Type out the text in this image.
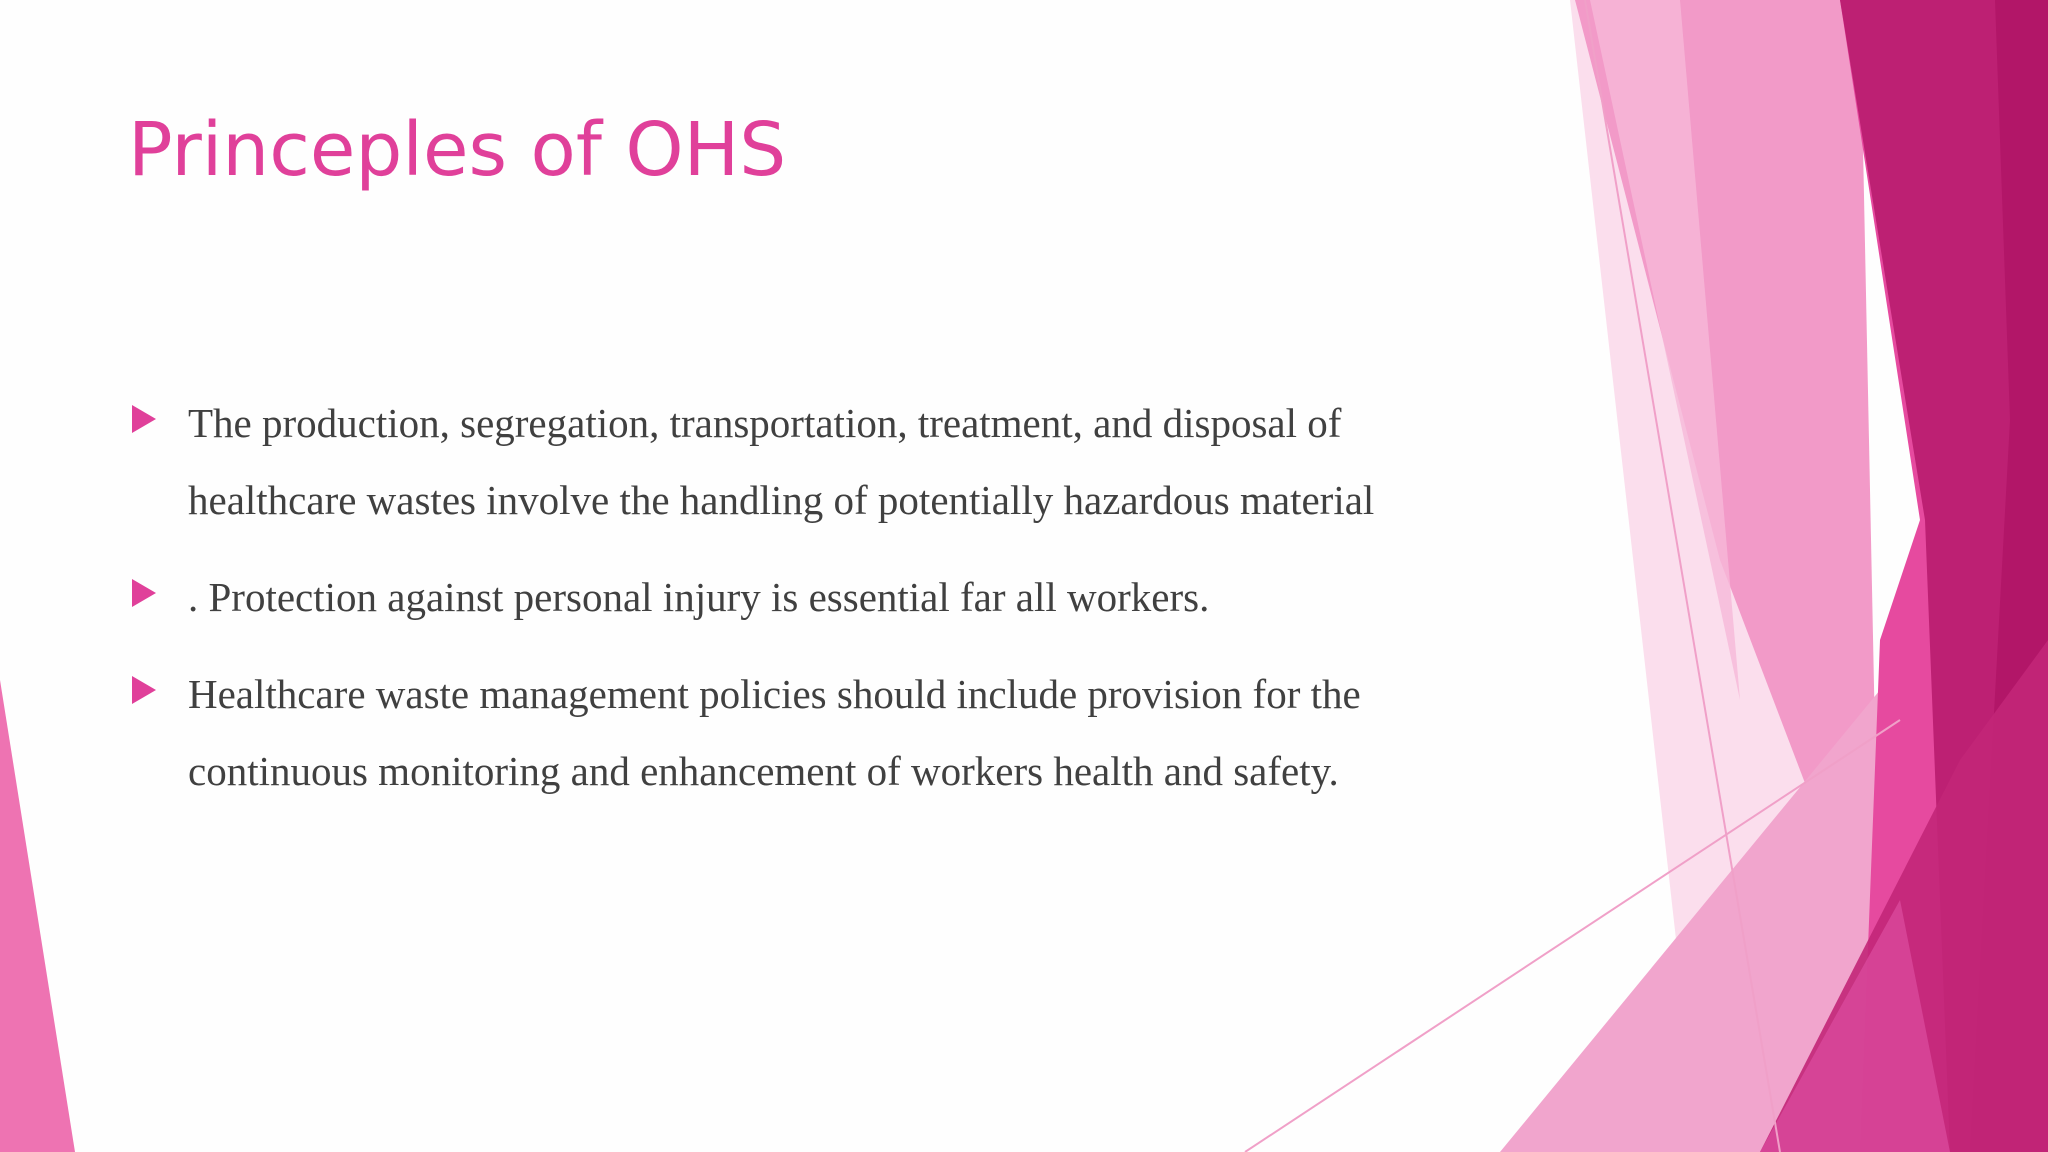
Princeples of OHS
The production, segregation, transportation, treatment, and disposal of healthcare wastes involve the handling of potentially hazardous material
. Protection against personal injury is essential far all workers.
Healthcare waste management policies should include provision for the continuous monitoring and enhancement of workers health and safety.
